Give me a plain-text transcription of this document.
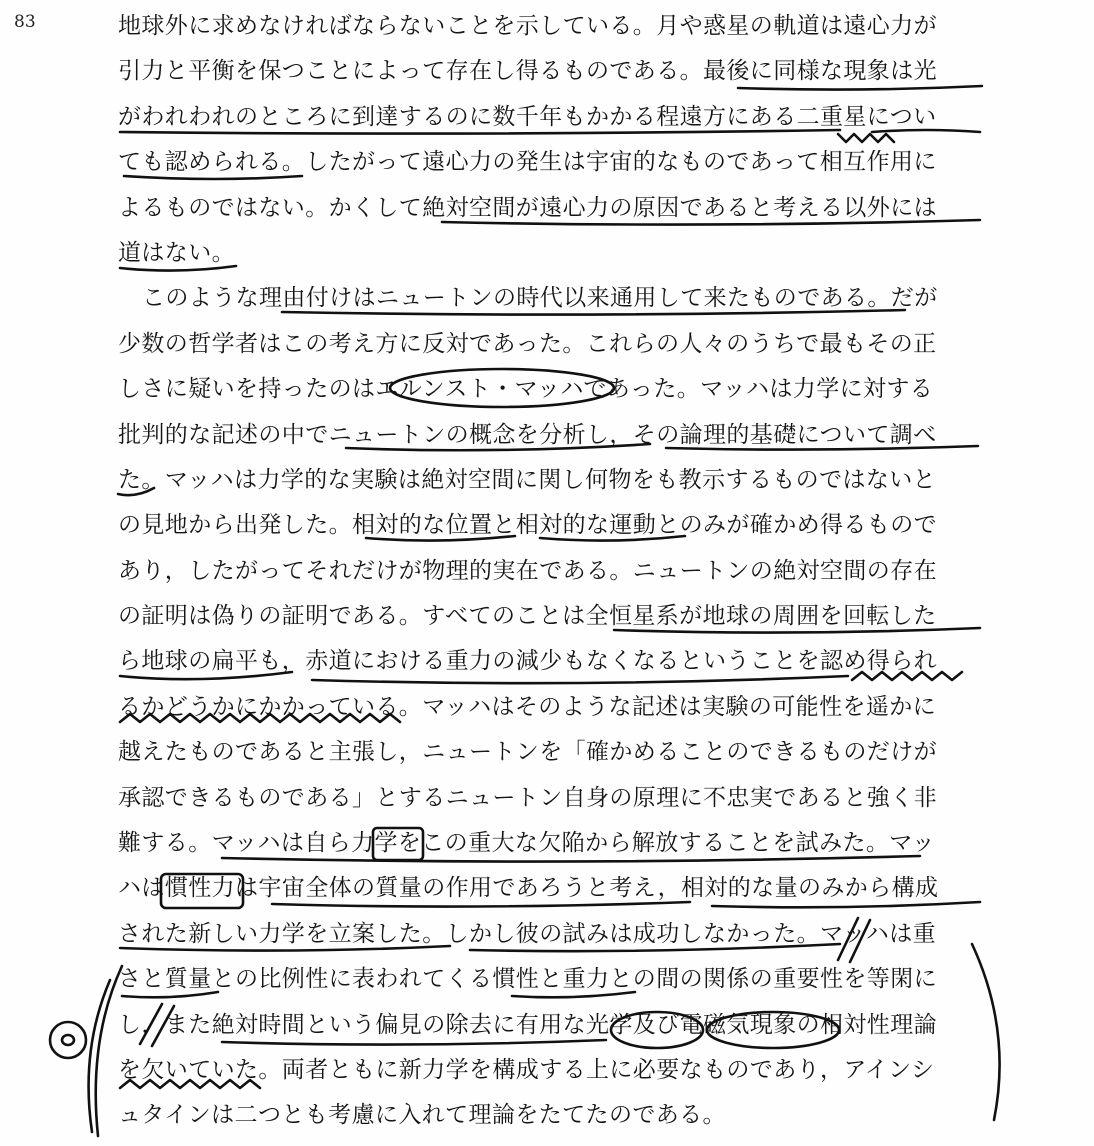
83	地球外に求めなければならないことを示している。月や惑星の軌道は遠心力が
引力と平衡を保つことによって存在し得るものである。最後に同様な現象は光
がわれわれのところに到達するのに数千年もかかる程遠方にある二重星につい
ても認められる。したがって遠心力の発生は宇宙的なものであって相互作用に
よるものではない。かくして絶対空間が遠心力の原因であると考える以外には
道はない。
このような理由付けはニュートンの時代以来通用して来たものである。だが
少数の哲学者はこの考え方に反対であった。これらの人々のうちで最もその正
しさに疑いを持ったのはエルンスト・マッハであった。マッハは力学に対する
批判的な記述の中でニュートンの概念を分析し，その論理的基礎について調べ
た。マッハは力学的な実験は絶対空間に関し何物をも教示するものではないと
の見地から出発した。相対的な位置と相対的な運動とのみが確かめ得るもので
あり，したがってそれだけが物理的実在である。ニュートンの絶対空間の存在
の証明は偽りの証明である。すべてのことは全恒星系が地球の周囲を回転した
ら地球の扁平も，赤道における重力の減少もなくなるということを認め得られ
るかどうかにかかっている。マッハはそのような記述は実験の可能性を遥かに
越えたものであると主張し，ニュートンを「確かめることのできるものだけが
承認できるものである」とするニュートン自身の原理に不忠実であると強く非
難する。マッハは自ら力学をこの重大な欠陥から解放することを試みた。マッ
ハは慣性力は宇宙全体の質量の作用であろうと考え，相対的な量のみから構成
された新しい力学を立案した。しかし彼の試みは成功しなかった。マッハは重
さと質量との比例性に表われてくる慣性と重力との間の関係の重要性を等閑に
し，また絶対時間という偏見の除去に有用な光学及び電磁気現象の相対性理論
を欠いていた。両者ともに新力学を構成する上に必要なものであり，アインシ
ュタインは二つとも考慮に入れて理論をたてたのである。
